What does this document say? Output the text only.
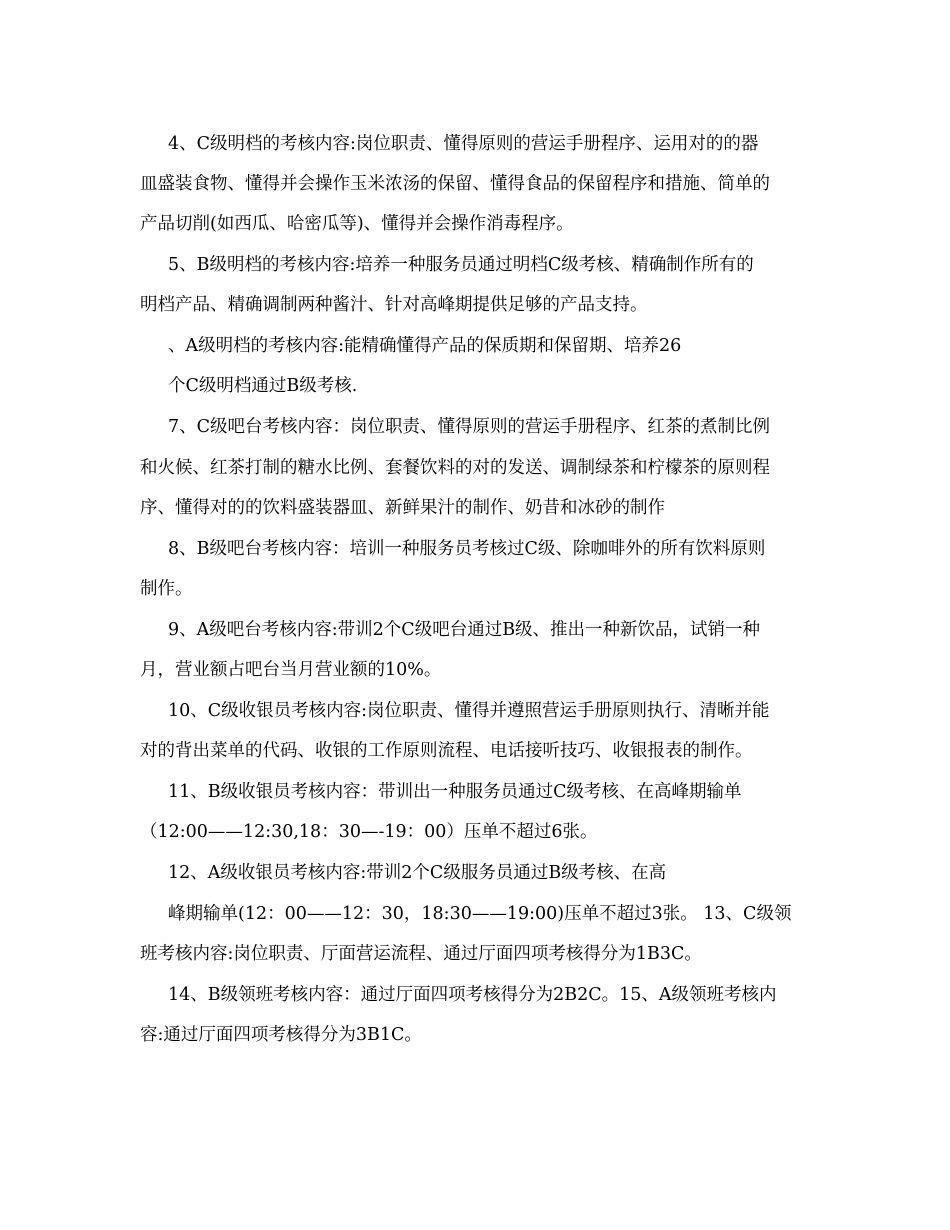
4、C级明档的考核内容:岗位职责、懂得原则的营运手册程序、运用对的的器
皿盛装食物、懂得并会操作玉米浓汤的保留、懂得食品的保留程序和措施、简单的
产品切削(如西瓜、哈密瓜等)、懂得并会操作消毒程序。
5、B级明档的考核内容:培养一种服务员通过明档C级考核、精确制作所有的
明档产品、精确调制两种酱汁、针对高峰期提供足够的产品支持。
、A级明档的考核内容:能精确懂得产品的保质期和保留期、培养26
个C级明档通过B级考核.
7、C级吧台考核内容：岗位职责、懂得原则的营运手册程序、红茶的煮制比例
和火候、红茶打制的糖水比例、套餐饮料的对的发送、调制绿茶和柠檬茶的原则程
序、懂得对的的饮料盛装器皿、新鲜果汁的制作、奶昔和冰砂的制作
8、B级吧台考核内容：培训一种服务员考核过C级、除咖啡外的所有饮料原则
制作。
9、A级吧台考核内容:带训2个C级吧台通过B级、推出一种新饮品，试销一种
月，营业额占吧台当月营业额的10%。
10、C级收银员考核内容:岗位职责、懂得并遵照营运手册原则执行、清晰并能
对的背出菜单的代码、收银的工作原则流程、电话接听技巧、收银报表的制作。
11、B级收银员考核内容：带训出一种服务员通过C级考核、在高峰期输单
（12:00——12:30,18：30—-19：00）压单不超过6张。
12、A级收银员考核内容:带训2个C级服务员通过B级考核、在高
峰期输单(12：00——12：30，18:30——19:00)压单不超过3张。 13、C级领
班考核内容:岗位职责、厅面营运流程、通过厅面四项考核得分为1B3C。
14、B级领班考核内容：通过厅面四项考核得分为2B2C。15、A级领班考核内
容:通过厅面四项考核得分为3B1C。
